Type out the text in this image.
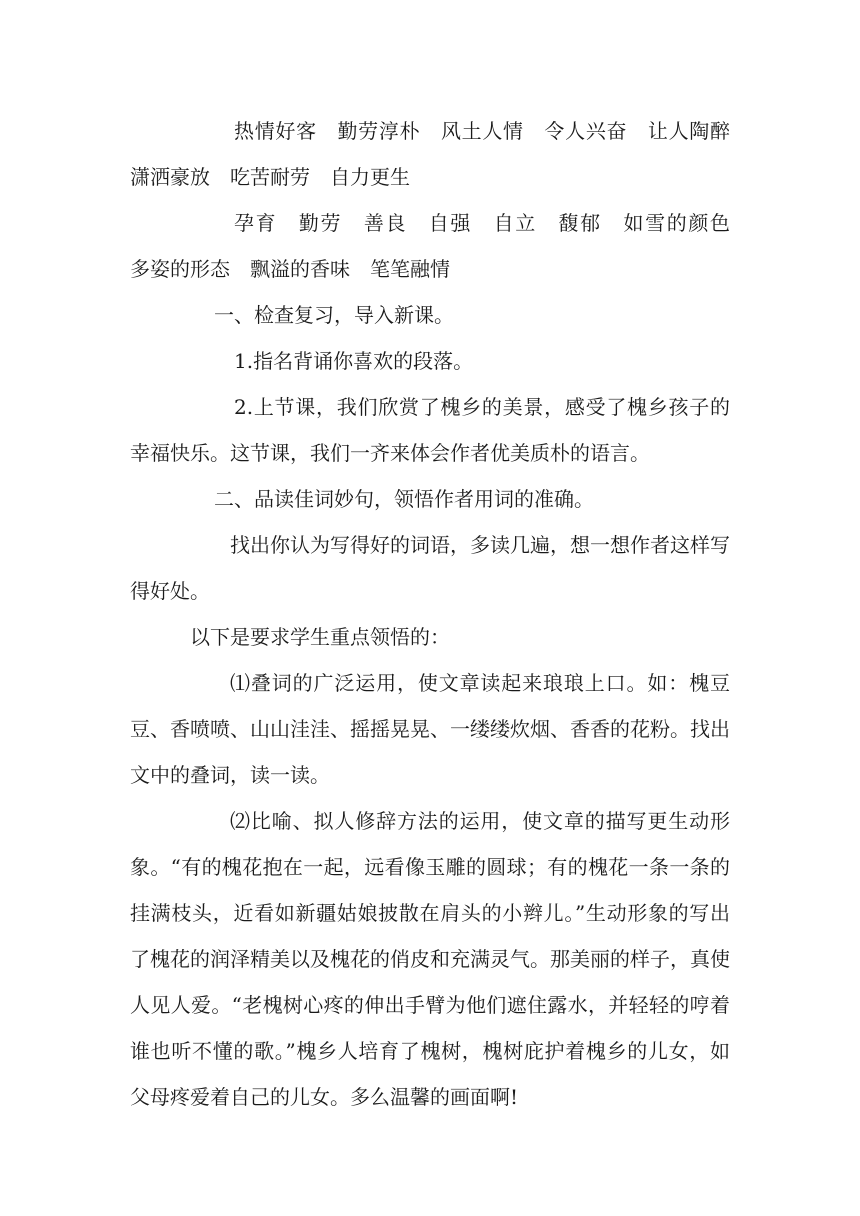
热情好客　勤劳淳朴　风土人情　令人兴奋　让人陶醉　潇洒豪放　吃苦耐劳　自力更生

孕育　勤劳　善良　自强　自立　馥郁　如雪的颜色　多姿的形态　飘溢的香味　笔笔融情

一、检查复习，导入新课。

1.指名背诵你喜欢的段落。

2.上节课，我们欣赏了槐乡的美景，感受了槐乡孩子的幸福快乐。这节课，我们一齐来体会作者优美质朴的语言。

二、品读佳词妙句，领悟作者用词的准确。

找出你认为写得好的词语，多读几遍，想一想作者这样写得好处。

以下是要求学生重点领悟的：

⑴叠词的广泛运用，使文章读起来琅琅上口。如：槐豆豆、香喷喷、山山洼洼、摇摇晃晃、一缕缕炊烟、香香的花粉。找出文中的叠词，读一读。

⑵比喻、拟人修辞方法的运用，使文章的描写更生动形象。“有的槐花抱在一起，远看像玉雕的圆球；有的槐花一条一条的挂满枝头，近看如新疆姑娘披散在肩头的小辫儿。”生动形象的写出了槐花的润泽精美以及槐花的俏皮和充满灵气。那美丽的样子，真使人见人爱。“老槐树心疼的伸出手臂为他们遮住露水，并轻轻的哼着谁也听不懂的歌。”槐乡人培育了槐树，槐树庇护着槐乡的儿女，如父母疼爱着自己的儿女。多么温馨的画面啊!
